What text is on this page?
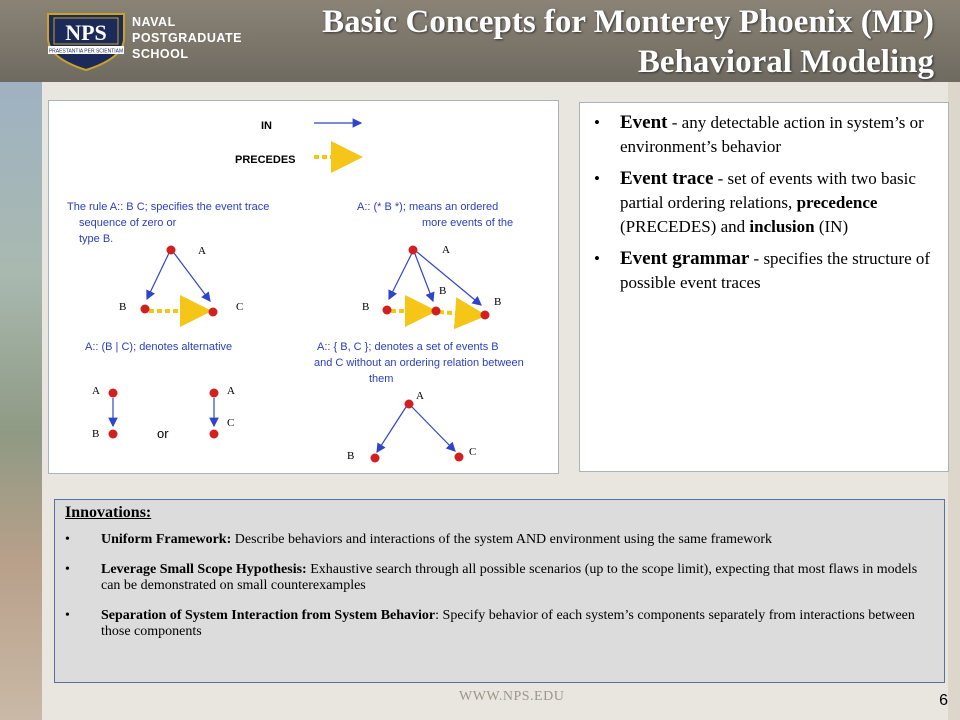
NPS
PRAESTANTIA PER SCIENTIAM
NAVAL
POSTGRADUATE
SCHOOL
Basic Concepts for Monterey Phoenix (MP)
Behavioral Modeling
IN
PRECEDES
The rule A:: B C; specifies the event trace
sequence of zero or
type B.
A
B	C
A:: (* B *); means an ordered
more events of the
A
B
B
B
A:: (B | C); denotes alternative
A
B	or
A
C
A:: { B, C }; denotes a set of events B
and C without an ordering relation between
them
A
B	C
• Event - any detectable action in system’s or environment’s behavior
• Event trace - set of events with two basic partial ordering relations, precedence (PRECEDES) and inclusion (IN)
• Event grammar - specifies the structure of possible event traces
Innovations:
• Uniform Framework: Describe behaviors and interactions of the system AND environment using the same framework
• Leverage Small Scope Hypothesis: Exhaustive search through all possible scenarios (up to the scope limit), expecting that most flaws in models can be demonstrated on small counterexamples
• Separation of System Interaction from System Behavior: Specify behavior of each system’s components separately from interactions between those components
WWW.NPS.EDU	6
